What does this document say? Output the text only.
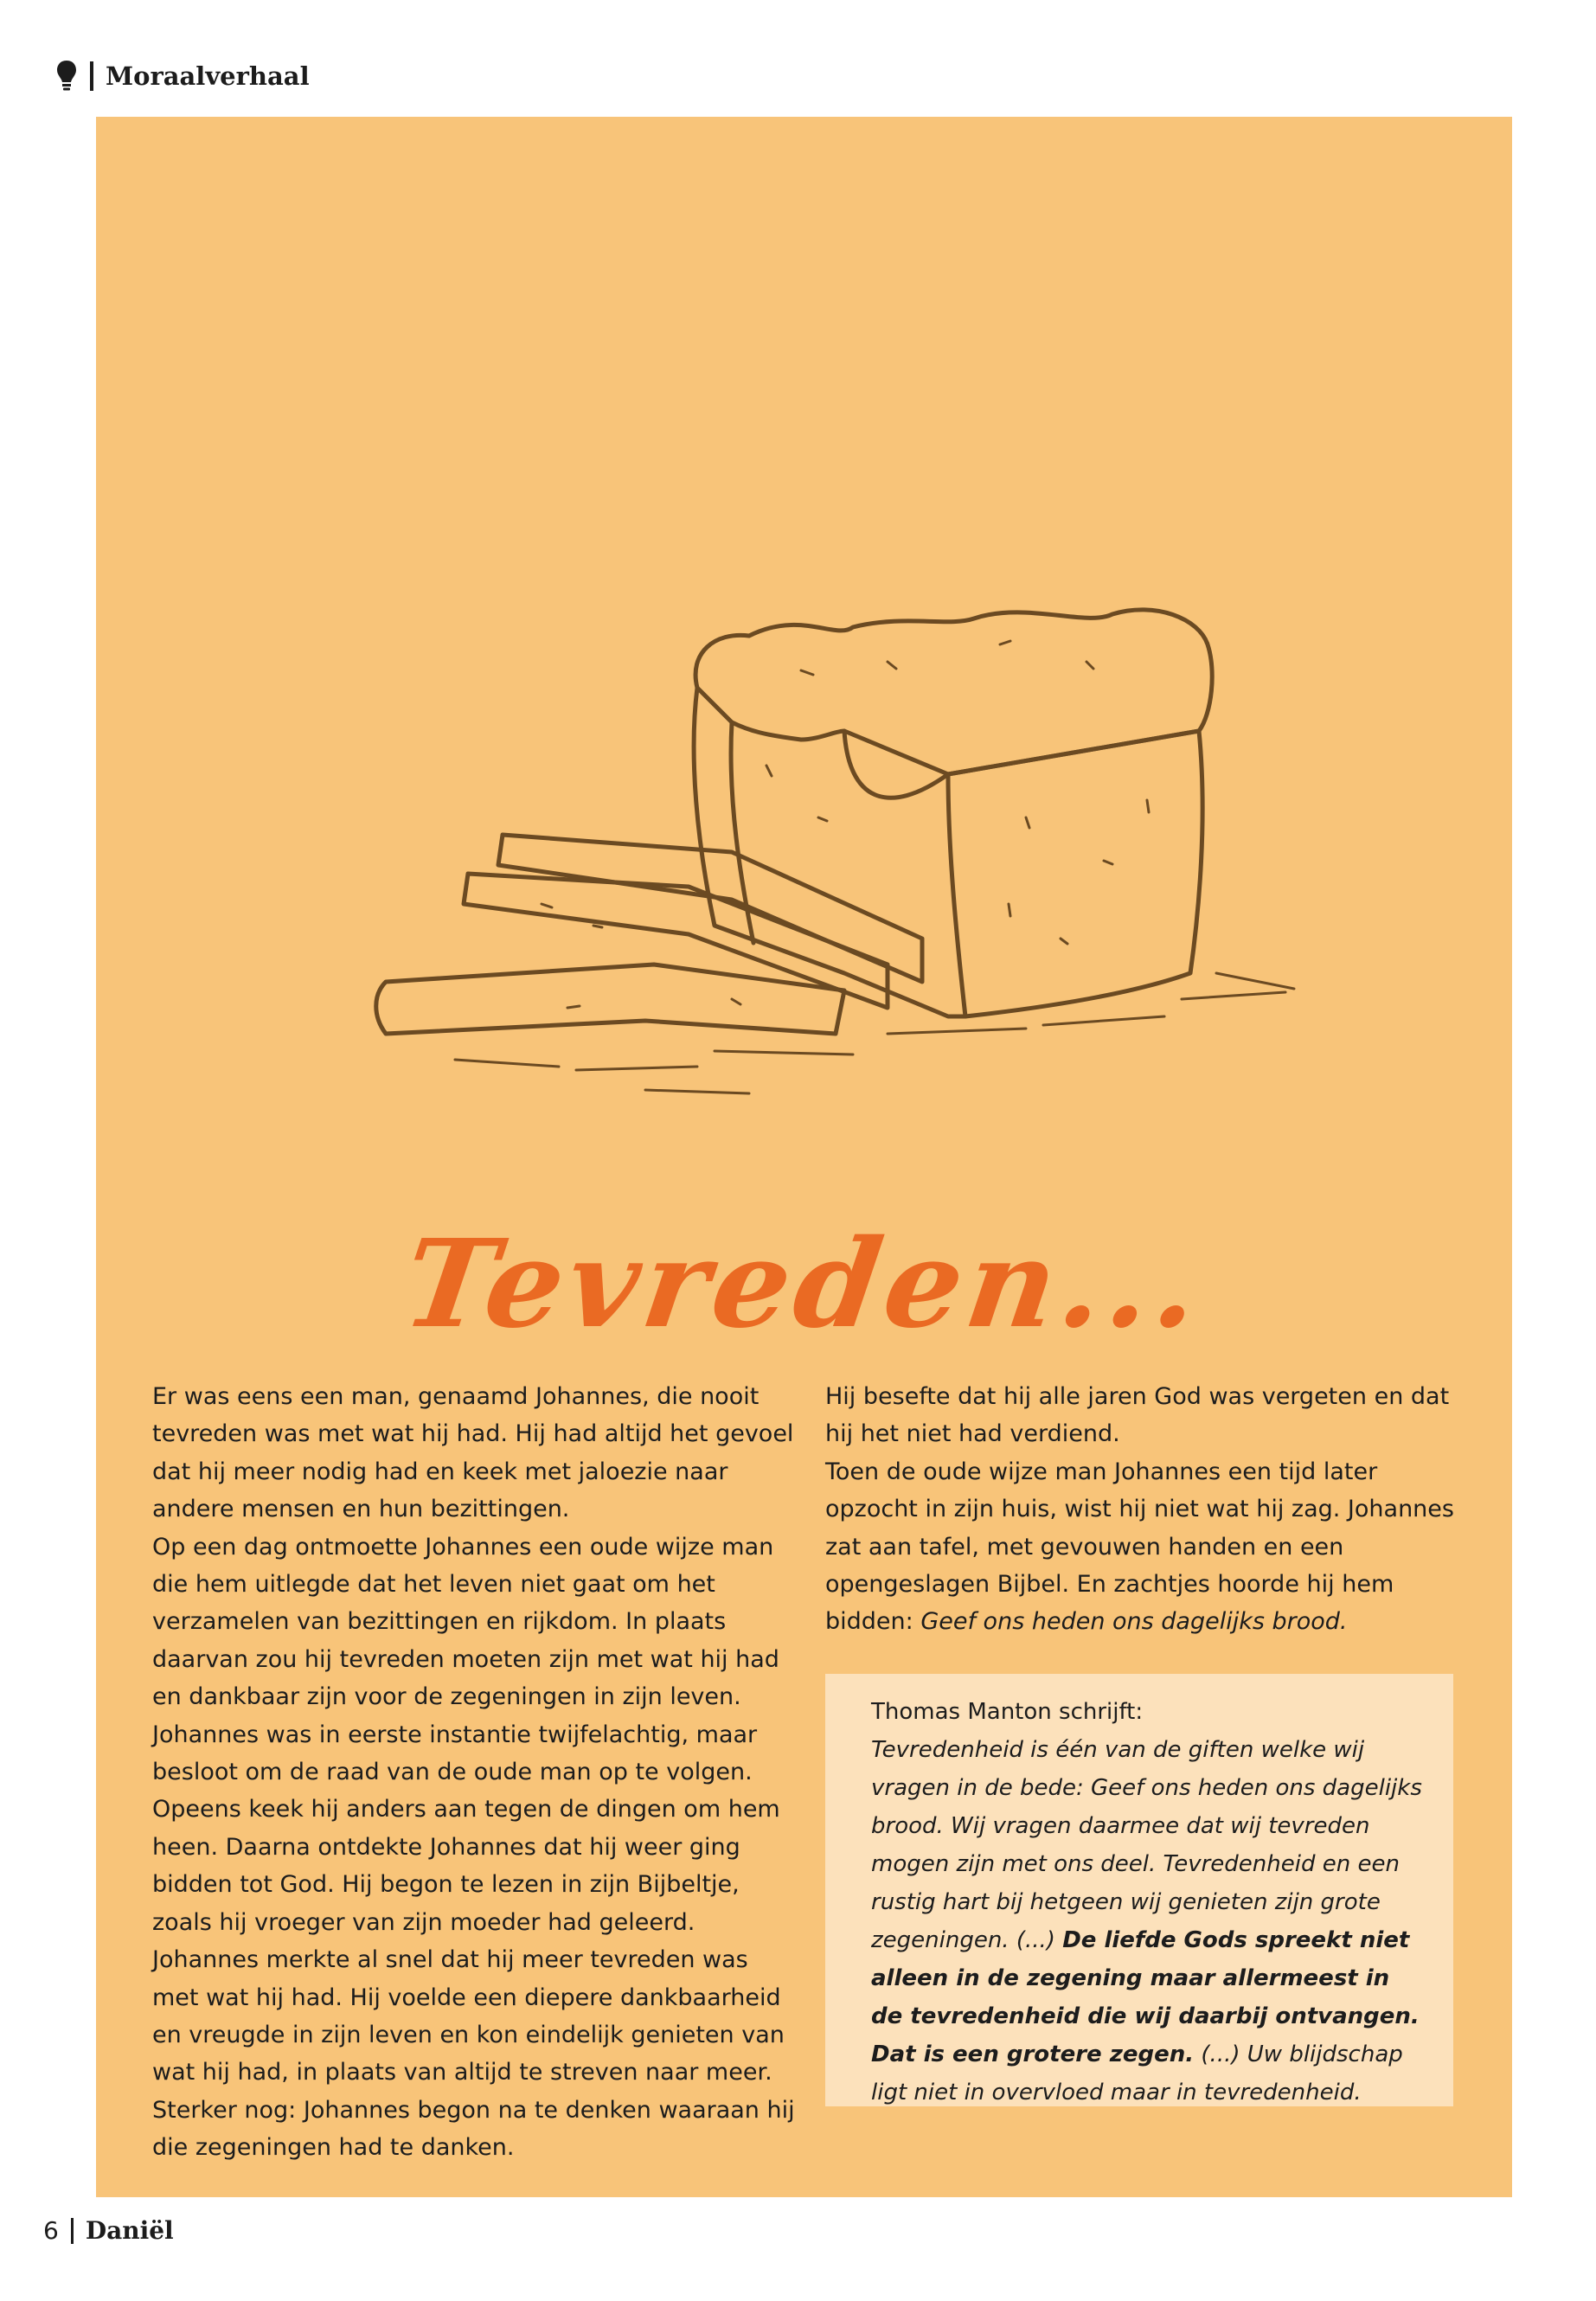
Moraalverhaal
Tevreden...

Er was eens een man, genaamd Johannes, die nooit tevreden was met wat hij had. Hij had altijd het gevoel dat hij meer nodig had en keek met jaloezie naar andere mensen en hun bezittingen.

Op een dag ontmoette Johannes een oude wijze man die hem uitlegde dat het leven niet gaat om het verzamelen van bezittingen en rijkdom. In plaats daarvan zou hij tevreden moeten zijn met wat hij had en dankbaar zijn voor de zegeningen in zijn leven.

Johannes was in eerste instantie twijfelachtig, maar besloot om de raad van de oude man op te volgen. Opeens keek hij anders aan tegen de dingen om hem heen. Daarna ontdekte Johannes dat hij weer ging bidden tot God. Hij begon te lezen in zijn Bijbeltje, zoals hij vroeger van zijn moeder had geleerd. Johannes merkte al snel dat hij meer tevreden was met wat hij had. Hij voelde een diepere dankbaarheid en vreugde in zijn leven en kon eindelijk genieten van wat hij had, in plaats van altijd te streven naar meer. Sterker nog: Johannes begon na te denken waaraan hij die zegeningen had te danken.

Hij besefte dat hij alle jaren God was vergeten en dat hij het niet had verdiend.

Toen de oude wijze man Johannes een tijd later opzocht in zijn huis, wist hij niet wat hij zag. Johannes zat aan tafel, met gevouwen handen en een opengeslagen Bijbel. En zachtjes hoorde hij hem bidden: Geef ons heden ons dagelijks brood.

Thomas Manton schrijft:

Tevredenheid is één van de giften welke wij vragen in de bede: Geef ons heden ons dagelijks brood. Wij vragen daarmee dat wij tevreden mogen zijn met ons deel. Tevredenheid en een rustig hart bij hetgeen wij genieten zijn grote zegeningen. (...) De liefde Gods spreekt niet alleen in de zegening maar allermeest in de tevredenheid die wij daarbij ontvangen. Dat is een grotere zegen. (...) Uw blijdschap ligt niet in overvloed maar in tevredenheid.

6 Daniël
